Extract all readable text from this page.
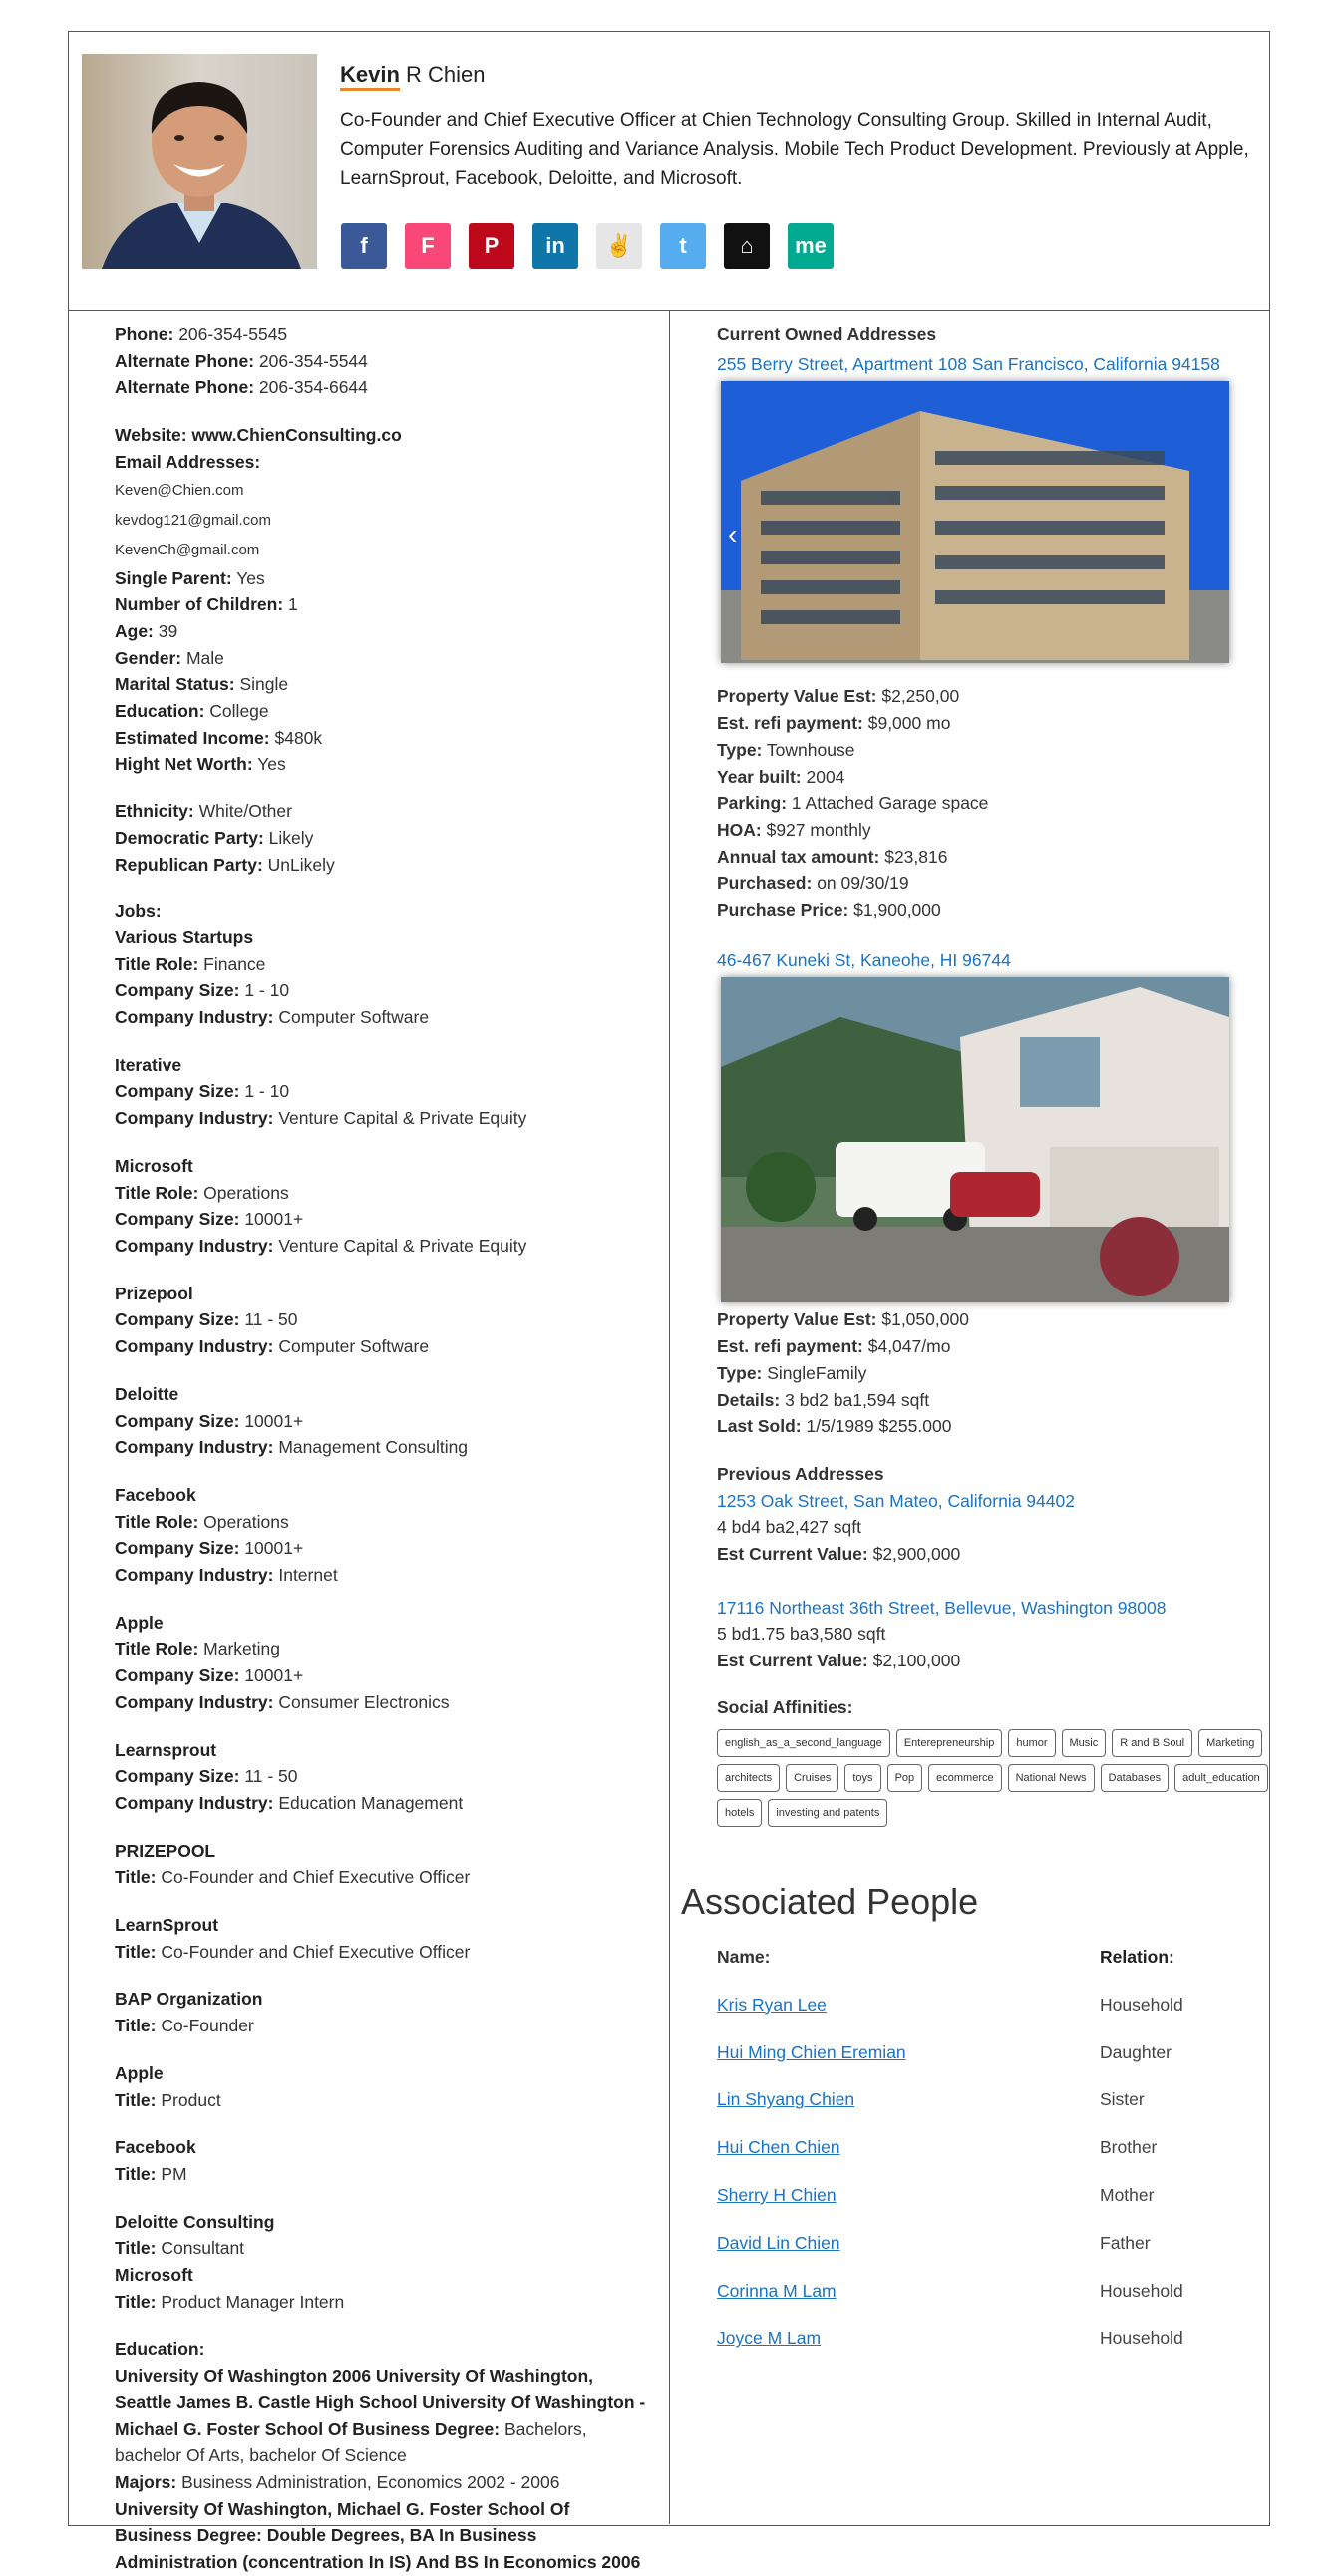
Kevin R Chien
Co-Founder and Chief Executive Officer at Chien Technology Consulting Group. Skilled in Internal Audit, Computer Forensics Auditing and Variance Analysis. Mobile Tech Product Development. Previously at Apple, LearnSprout, Facebook, Deloitte, and Microsoft.
f	F	P	in	✌	t	⌂	me
Phone: 206-354-5545
Alternate Phone: 206-354-5544
Alternate Phone: 206-354-6644
Website: www.ChienConsulting.co
Email Addresses:
Keven@Chien.com
kevdog121@gmail.com
KevenCh@gmail.com
Single Parent: Yes
Number of Children: 1
Age: 39
Gender: Male
Marital Status: Single
Education: College
Estimated Income: $480k
Hight Net Worth: Yes
Ethnicity: White/Other
Democratic Party: Likely
Republican Party: UnLikely
Jobs:
Various Startups
Title Role: Finance
Company Size: 1 - 10
Company Industry: Computer Software
Iterative
Company Size: 1 - 10
Company Industry: Venture Capital & Private Equity
Microsoft
Title Role: Operations
Company Size: 10001+
Company Industry: Venture Capital & Private Equity
Prizepool
Company Size: 11 - 50
Company Industry: Computer Software
Deloitte
Company Size: 10001+
Company Industry: Management Consulting
Facebook
Title Role: Operations
Company Size: 10001+
Company Industry: Internet
Apple
Title Role: Marketing
Company Size: 10001+
Company Industry: Consumer Electronics
Learnsprout
Company Size: 11 - 50
Company Industry: Education Management
PRIZEPOOL
Title: Co-Founder and Chief Executive Officer
LearnSprout
Title: Co-Founder and Chief Executive Officer
BAP Organization
Title: Co-Founder
Apple
Title: Product
Facebook
Title: PM
Deloitte Consulting
Title: Consultant
Microsoft
Title: Product Manager Intern
Education:
University Of Washington 2006 University Of Washington,
Seattle James B. Castle High School University Of Washington -
Michael G. Foster School Of Business Degree: Bachelors,
bachelor Of Arts, bachelor Of Science
Majors: Business Administration, Economics 2002 - 2006
University Of Washington, Michael G. Foster School Of
Business Degree: Double Degrees, BA In Business
Administration (concentration In IS) And BS In Economics 2006
Current Owned Addresses
255 Berry Street, Apartment 108 San Francisco, California 94158
Property Value Est: $2,250,00
Est. refi payment: $9,000 mo
Type: Townhouse
Year built: 2004
Parking: 1 Attached Garage space
HOA: $927 monthly
Annual tax amount: $23,816
Purchased: on 09/30/19
Purchase Price: $1,900,000
46-467 Kuneki St, Kaneohe, HI 96744
Property Value Est: $1,050,000
Est. refi payment: $4,047/mo
Type: SingleFamily
Details: 3 bd2 ba1,594 sqft
Last Sold: 1/5/1989 $255.000
Previous Addresses
1253 Oak Street, San Mateo, California 94402
4 bd4 ba2,427 sqft
Est Current Value: $2,900,000
17116 Northeast 36th Street, Bellevue, Washington 98008
5 bd1.75 ba3,580 sqft
Est Current Value: $2,100,000
Social Affinities:
english_as_a_second_language	Enterepreneurship	humor	Music	R and B Soul	Marketing
architects	Cruises	toys	Pop	ecommerce	National News	Databases	adult_education
hotels	investing and patents
Associated People
Name:	Relation:
Kris Ryan Lee	Household
Hui Ming Chien Eremian	Daughter
Lin Shyang Chien	Sister
Hui Chen Chien	Brother
Sherry H Chien	Mother
David Lin Chien	Father
Corinna M Lam	Household
Joyce M Lam	Household
‹
